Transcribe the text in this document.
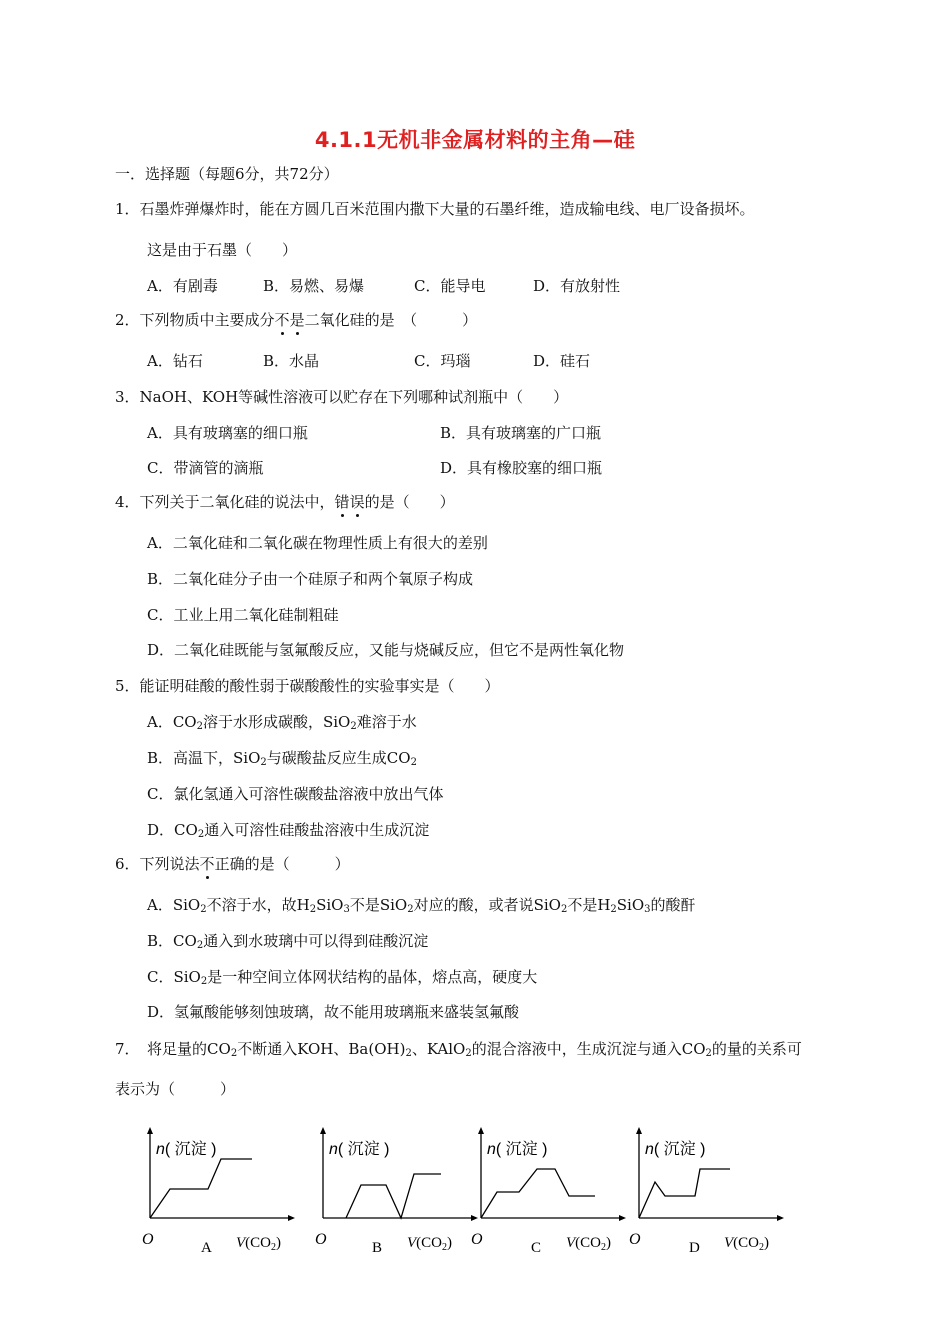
4.1.1无机非金属材料的主角—硅
一．选择题（每题6分，共72分）
1．石墨炸弹爆炸时，能在方圆几百米范围内撒下大量的石墨纤维，造成输电线、电厂设备损坏。
这是由于石墨（　　）
A．有剧毒	B．易燃、易爆	C．能导电	D．有放射性
2．下列物质中主要成分不是二氧化硅的是　（　　　）
A．钻石	B．水晶	C．玛瑙	D．硅石
3．NaOH、KOH等碱性溶液可以贮存在下列哪种试剂瓶中（　　）
A．具有玻璃塞的细口瓶	B．具有玻璃塞的广口瓶
C．带滴管的滴瓶	D．具有橡胶塞的细口瓶
4．下列关于二氧化硅的说法中，错误的是（　　）
A．二氧化硅和二氧化碳在物理性质上有很大的差别
B．二氧化硅分子由一个硅原子和两个氧原子构成
C．工业上用二氧化硅制粗硅
D．二氧化硅既能与氢氟酸反应，又能与烧碱反应，但它不是两性氧化物
5．能证明硅酸的酸性弱于碳酸酸性的实验事实是（　　）
A．$CO_2$溶于水形成碳酸，SiO$_2$难溶于水
B．高温下，SiO$_2$与碳酸盐反应生成$CO_2$
C．氯化氢通入可溶性碳酸盐溶液中放出气体
D．$CO_2$通入可溶性硅酸盐溶液中生成沉淀
6．下列说法不正确的是（　　　）
A．SiO$_2$不溶于水，故$H_2SiO_3$不是SiO$_2$对应的酸，或者说SiO$_2$不是$H_2SiO_3$的酸酐
B．$CO_2$通入到水玻璃中可以得到硅酸沉淀
C．SiO$_2$是一种空间立体网状结构的晶体，熔点高，硬度大
D．氢氟酸能够刻蚀玻璃，故不能用玻璃瓶来盛装氢氟酸
7．　将足量的$CO_2$不断通入KOH、$Ba(OH)_2$、KAlO$_2$的混合溶液中，生成沉淀与通入$CO_2$的量的关系可
表示为（　　　）
n( 沉淀 )
O	A $V(CO_2)$
n( 沉淀 )
O	B $V(CO_2)$
n( 沉淀 )
O	C $V(CO_2)$
n( 沉淀 )
O	D $V(CO_2)$
